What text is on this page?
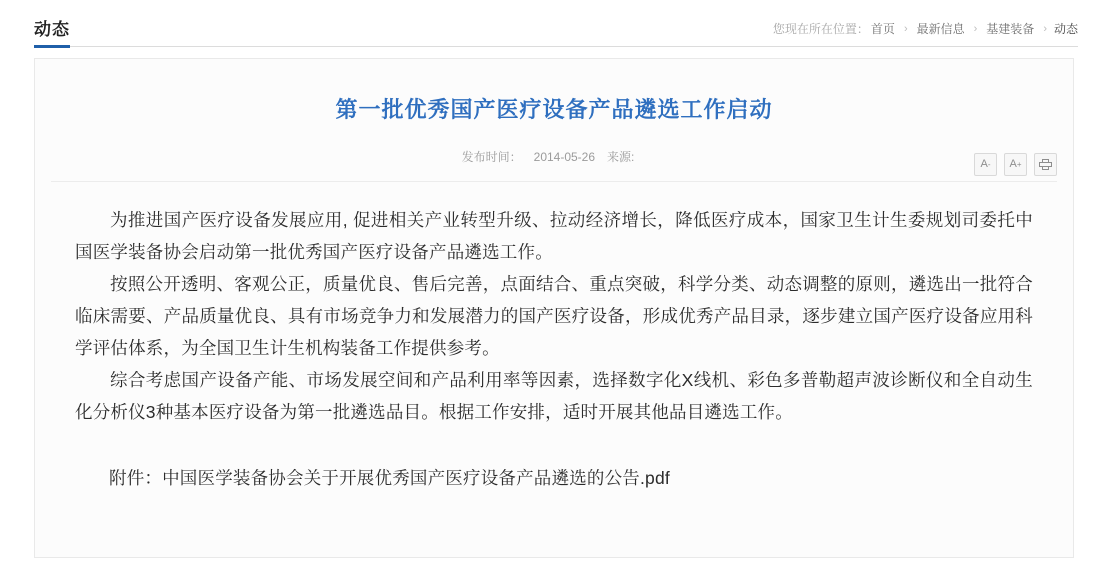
动态	您现在所在位置： 首页 › 最新信息 › 基建装备 › 动态
第一批优秀国产医疗设备产品遴选工作启动
发布时间： 2014-05-26 来源:	A - A +

为推进国产医疗设备发展应用, 促进相关产业转型升级、拉动经济增长，降低医疗成本，国家卫生计生委规划司委托中国医学装备协会启动第一批优秀国产医疗设备产品遴选工作。

按照公开透明、客观公正，质量优良、售后完善，点面结合、重点突破，科学分类、动态调整的原则，遴选出一批符合临床需要、产品质量优良、具有市场竞争力和发展潜力的国产医疗设备，形成优秀产品目录，逐步建立国产医疗设备应用科学评估体系，为全国卫生计生机构装备工作提供参考。

综合考虑国产设备产能、市场发展空间和产品利用率等因素，选择数字化X线机、彩色多普勒超声波诊断仪和全自动生化分析仪3种基本医疗设备为第一批遴选品目。根据工作安排，适时开展其他品目遴选工作。

附件：中国医学装备协会关于开展优秀国产医疗设备产品遴选的公告.pdf
